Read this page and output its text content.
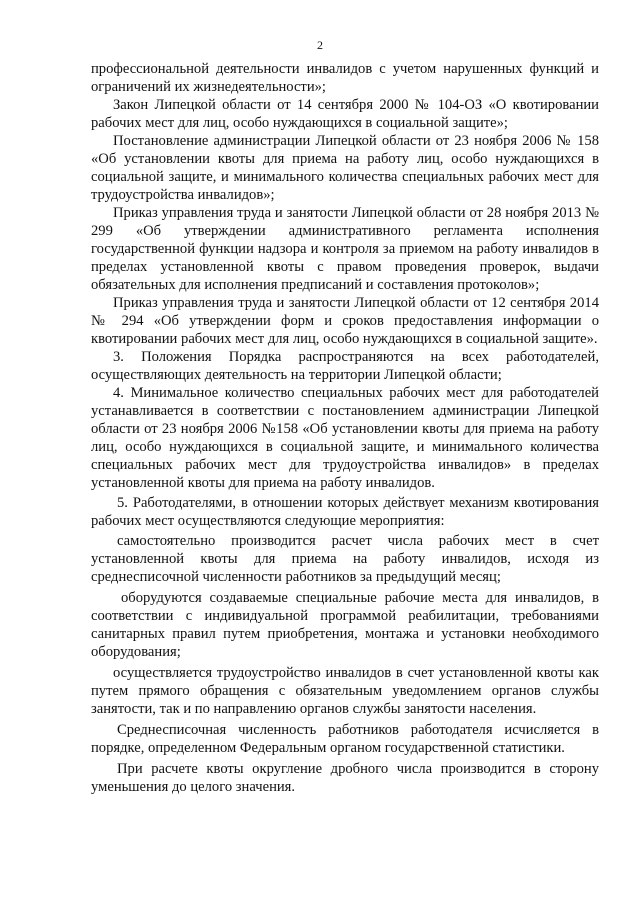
2

профессиональной деятельности инвалидов с учетом нарушенных функций и ограничений их жизнедеятельности»;

Закон Липецкой области от 14 сентября 2000 № 104-ОЗ «О квотировании рабочих мест для лиц, особо нуждающихся в социальной защите»;

Постановление администрации Липецкой области от 23 ноября 2006 № 158 «Об установлении квоты для приема на работу лиц, особо нуждающихся в социальной защите, и минимального количества специальных рабочих мест для трудоустройства инвалидов»;

Приказ управления труда и занятости Липецкой области от 28 ноября 2013 № 299 «Об утверждении административного регламента исполнения государственной функции надзора и контроля за приемом на работу инвалидов в пределах установленной квоты с правом проведения проверок, выдачи обязательных для исполнения предписаний и составления протоколов»;

Приказ управления труда и занятости Липецкой области от 12 сентября 2014 № 294 «Об утверждении форм и сроков предоставления информации о квотировании рабочих мест для лиц, особо нуждающихся в социальной защите».

3. Положения Порядка распространяются на всех работодателей, осуществляющих деятельность на территории Липецкой области;

4. Минимальное количество специальных рабочих мест для работодателей устанавливается в соответствии с постановлением администрации Липецкой области от 23 ноября 2006 №158 «Об установлении квоты для приема на работу лиц, особо нуждающихся в социальной защите, и минимального количества специальных рабочих мест для трудоустройства инвалидов» в пределах установленной квоты для приема на работу инвалидов.

5. Работодателями, в отношении которых действует механизм квотирования рабочих мест осуществляются следующие мероприятия:

самостоятельно производится расчет числа рабочих мест в счет установленной квоты для приема на работу инвалидов, исходя из среднесписочной численности работников за предыдущий месяц;

оборудуются создаваемые специальные рабочие места для инвалидов, в соответствии с индивидуальной программой реабилитации, требованиями санитарных правил путем приобретения, монтажа и установки необходимого оборудования;

осуществляется трудоустройство инвалидов в счет установленной квоты как путем прямого обращения с обязательным уведомлением органов службы занятости, так и по направлению органов службы занятости населения.

Среднесписочная численность работников работодателя исчисляется в порядке, определенном Федеральным органом государственной статистики.

При расчете квоты округление дробного числа производится в сторону уменьшения до целого значения.
